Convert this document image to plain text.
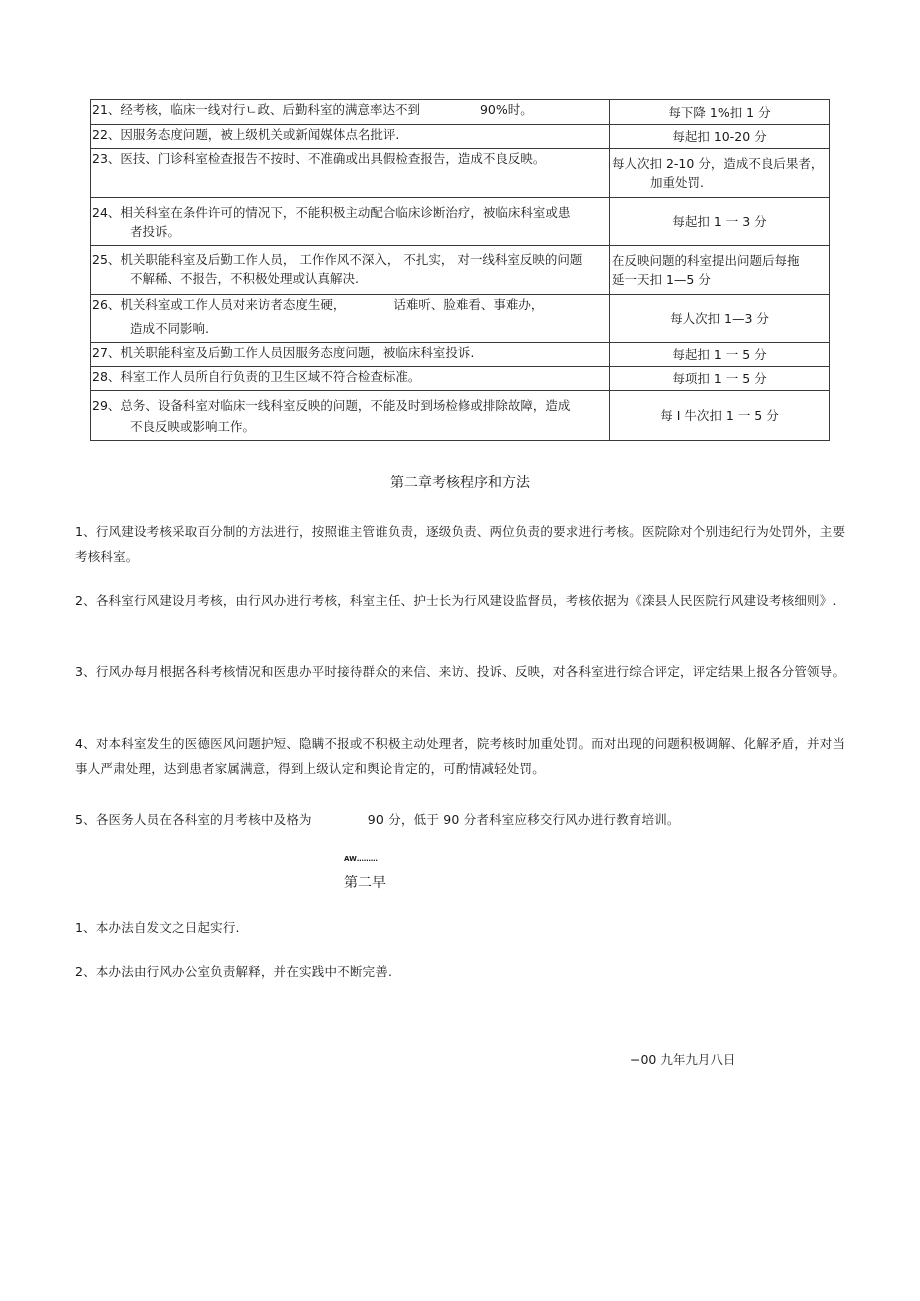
21、经考核，临床一线对行ㄴ政、后勤科室的满意率达不到 90%时。	每下降 1%扣 1 分
22、因服务态度问题，被上级机关或新闻媒体点名批评.	每起扣 10-20 分
23、医技、门诊科室检查报告不按时、不准确或出具假检查报告，造成不良反映。	每人次扣 2-10 分，造成不良后果者，
加重处罚.

24、相关科室在条件许可的情况下，不能积极主动配合临床诊断治疗，被临床科室或患
者投诉。	每起扣 1 一 3 分

25、机关职能科室及后勤工作人员， 工作作风不深入， 不扎实， 对一线科室反映的问题
不解稀、不报告，不积极处理或认真解决.	在反映问题的科室提出问题后每拖
延一天扣 1—5 分

26、机关科室或工作人员对来访者态度生硬， 话难听、脸难看、事难办，
造成不同影响.	每人次扣 1—3 分
27、机关职能科室及后勤工作人员因服务态度问题，被临床科室投诉.	每起扣 1 一 5 分
28、科室工作人员所自行负责的卫生区域不符合检查标准。	每项扣 1 一 5 分

29、总务、设备科室对临床一线科室反映的问题，不能及时到场检修或排除故障，造成
不良反映或影响工作。	每 I 牛次扣 1 一 5 分
第二章考核程序和方法

1、行风建设考核采取百分制的方法进行，按照谁主管谁负责，逐级负责、两位负责的要求进行考核。医院除对个别违纪行为处罚外，主要考核科室。

2、各科室行风建设月考核，由行风办进行考核，科室主任、护士长为行风建设监督员，考核依据为《滦县人民医院行风建设考核细则》.

3、行风办每月根据各科考核情况和医患办平时接待群众的来信、来访、投诉、反映，对各科室进行综合评定，评定结果上报各分管领导。

4、对本科室发生的医德医风问题护短、隐瞒不报或不积极主动处理者，院考核时加重处罚。而对出现的问题积极调解、化解矛盾，并对当事人严肃处理，达到患者家属满意，得到上级认定和舆论肯定的，可酌情减轻处罚。

5、各医务人员在各科室的月考核中及格为	90 分，低于 90 分者科室应移交行风办进行教育培训。

AW………
第二早

1、本办法自发文之日起实行.

2、本办法由行风办公室负责解释，并在实践中不断完善.

−00 九年九月八日
